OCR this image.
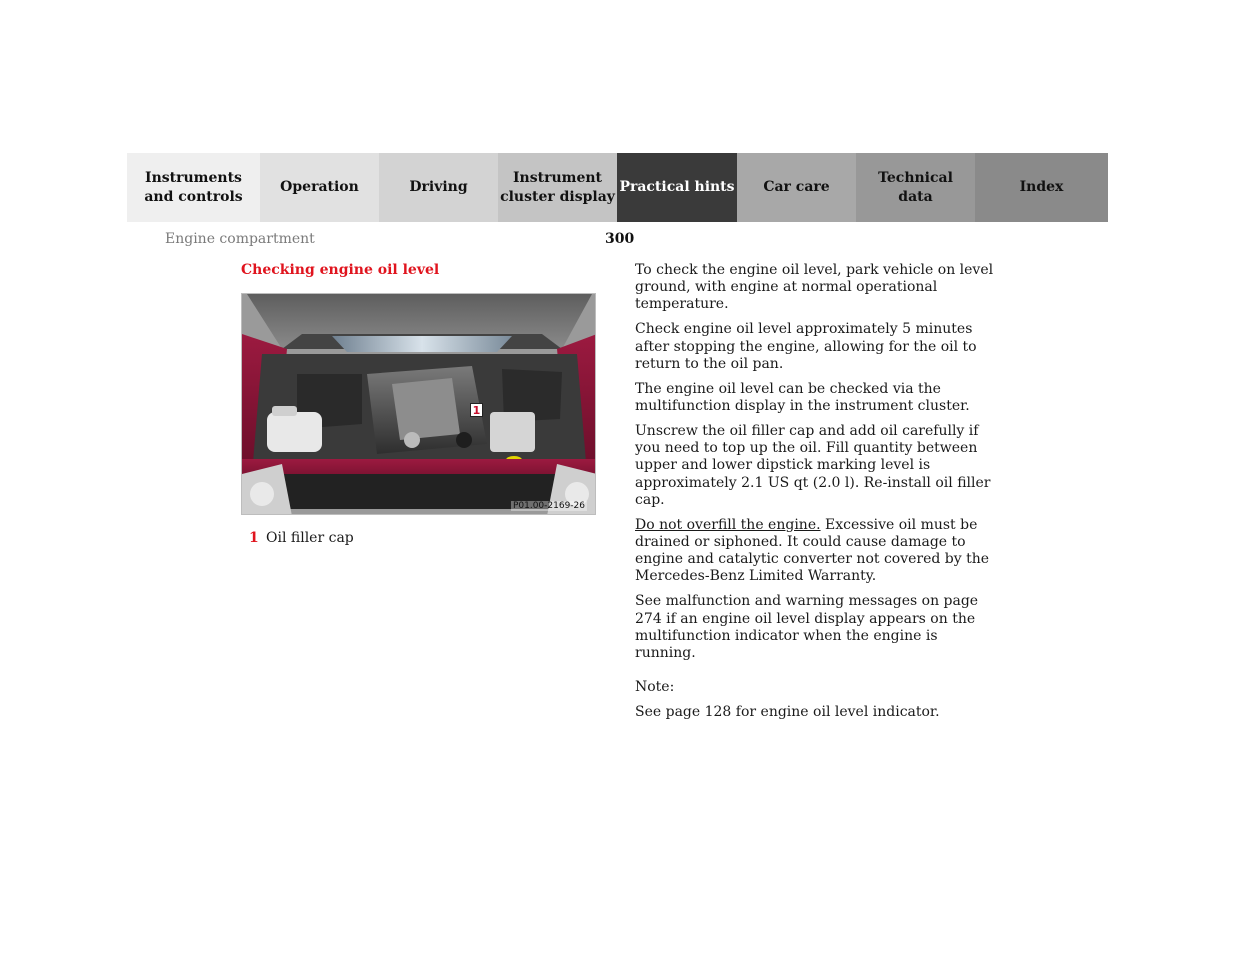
Instruments
and controls
Operation	Driving
Instrument
cluster display
Practical hints	Car care
Technical
data
Index
Engine compartment	300
Checking engine oil level
1
P01.00-2169-26
1 Oil filler cap

To check the engine oil level, park vehicle on level ground, with engine at normal operational temperature.

Check engine oil level approximately 5 minutes after stopping the engine, allowing for the oil to return to the oil pan.

The engine oil level can be checked via the multifunction display in the instrument cluster.

Unscrew the oil filler cap and add oil carefully if you need to top up the oil. Fill quantity between upper and lower dipstick marking level is approximately 2.1 US qt (2.0 l). Re-install oil filler cap.

Do not overfill the engine. Excessive oil must be drained or siphoned. It could cause damage to engine and catalytic converter not covered by the Mercedes-Benz Limited Warranty.

See malfunction and warning messages on page 274 if an engine oil level display appears on the multifunction indicator when the engine is running.

Note:

See page 128 for engine oil level indicator.
